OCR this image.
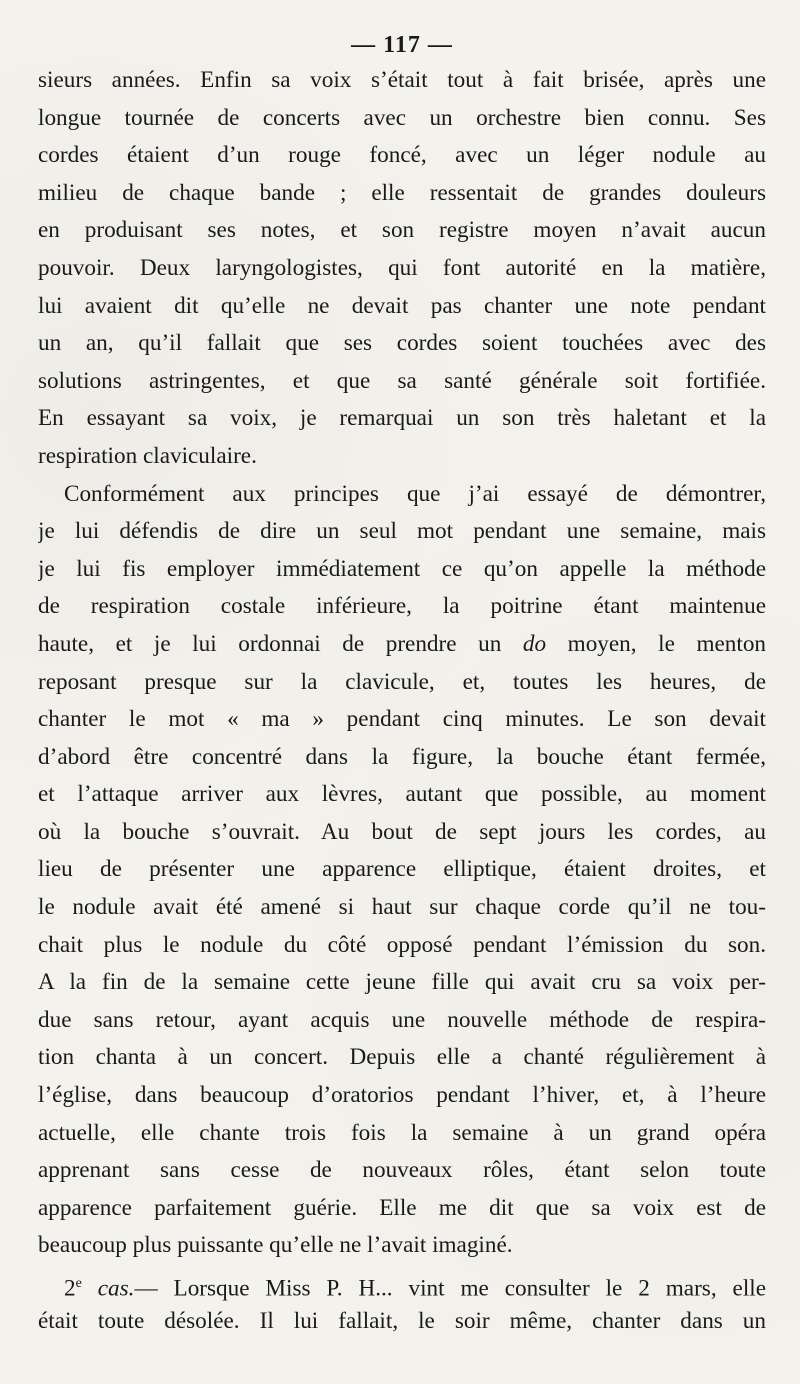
— 117 —
sieurs années. Enfin sa voix s’était tout à fait brisée, après une
longue tournée de concerts avec un orchestre bien connu. Ses
cordes étaient d’un rouge foncé, avec un léger nodule au
milieu de chaque bande ; elle ressentait de grandes douleurs
en produisant ses notes, et son registre moyen n’avait aucun
pouvoir. Deux laryngologistes, qui font autorité en la matière,
lui avaient dit qu’elle ne devait pas chanter une note pendant
un an, qu’il fallait que ses cordes soient touchées avec des
solutions astringentes, et que sa santé générale soit fortifiée.
En essayant sa voix, je remarquai un son très haletant et la
respiration claviculaire.
Conformément aux principes que j’ai essayé de démontrer,
je lui défendis de dire un seul mot pendant une semaine, mais
je lui fis employer immédiatement ce qu’on appelle la méthode
de respiration costale inférieure, la poitrine étant maintenue
haute, et je lui ordonnai de prendre un do moyen, le menton
reposant presque sur la clavicule, et, toutes les heures, de
chanter le mot « ma » pendant cinq minutes. Le son devait
d’abord être concentré dans la figure, la bouche étant fermée,
et l’attaque arriver aux lèvres, autant que possible, au moment
où la bouche s’ouvrait. Au bout de sept jours les cordes, au
lieu de présenter une apparence elliptique, étaient droites, et
le nodule avait été amené si haut sur chaque corde qu’il ne tou-
chait plus le nodule du côté opposé pendant l’émission du son.
A la fin de la semaine cette jeune fille qui avait cru sa voix per-
due sans retour, ayant acquis une nouvelle méthode de respira-
tion chanta à un concert. Depuis elle a chanté régulièrement à
l’église, dans beaucoup d’oratorios pendant l’hiver, et, à l’heure
actuelle, elle chante trois fois la semaine à un grand opéra
apprenant sans cesse de nouveaux rôles, étant selon toute
apparence parfaitement guérie. Elle me dit que sa voix est de
beaucoup plus puissante qu’elle ne l’avait imaginé.
2e cas.— Lorsque Miss P. H... vint me consulter le 2 mars, elle
était toute désolée. Il lui fallait, le soir même, chanter dans un
